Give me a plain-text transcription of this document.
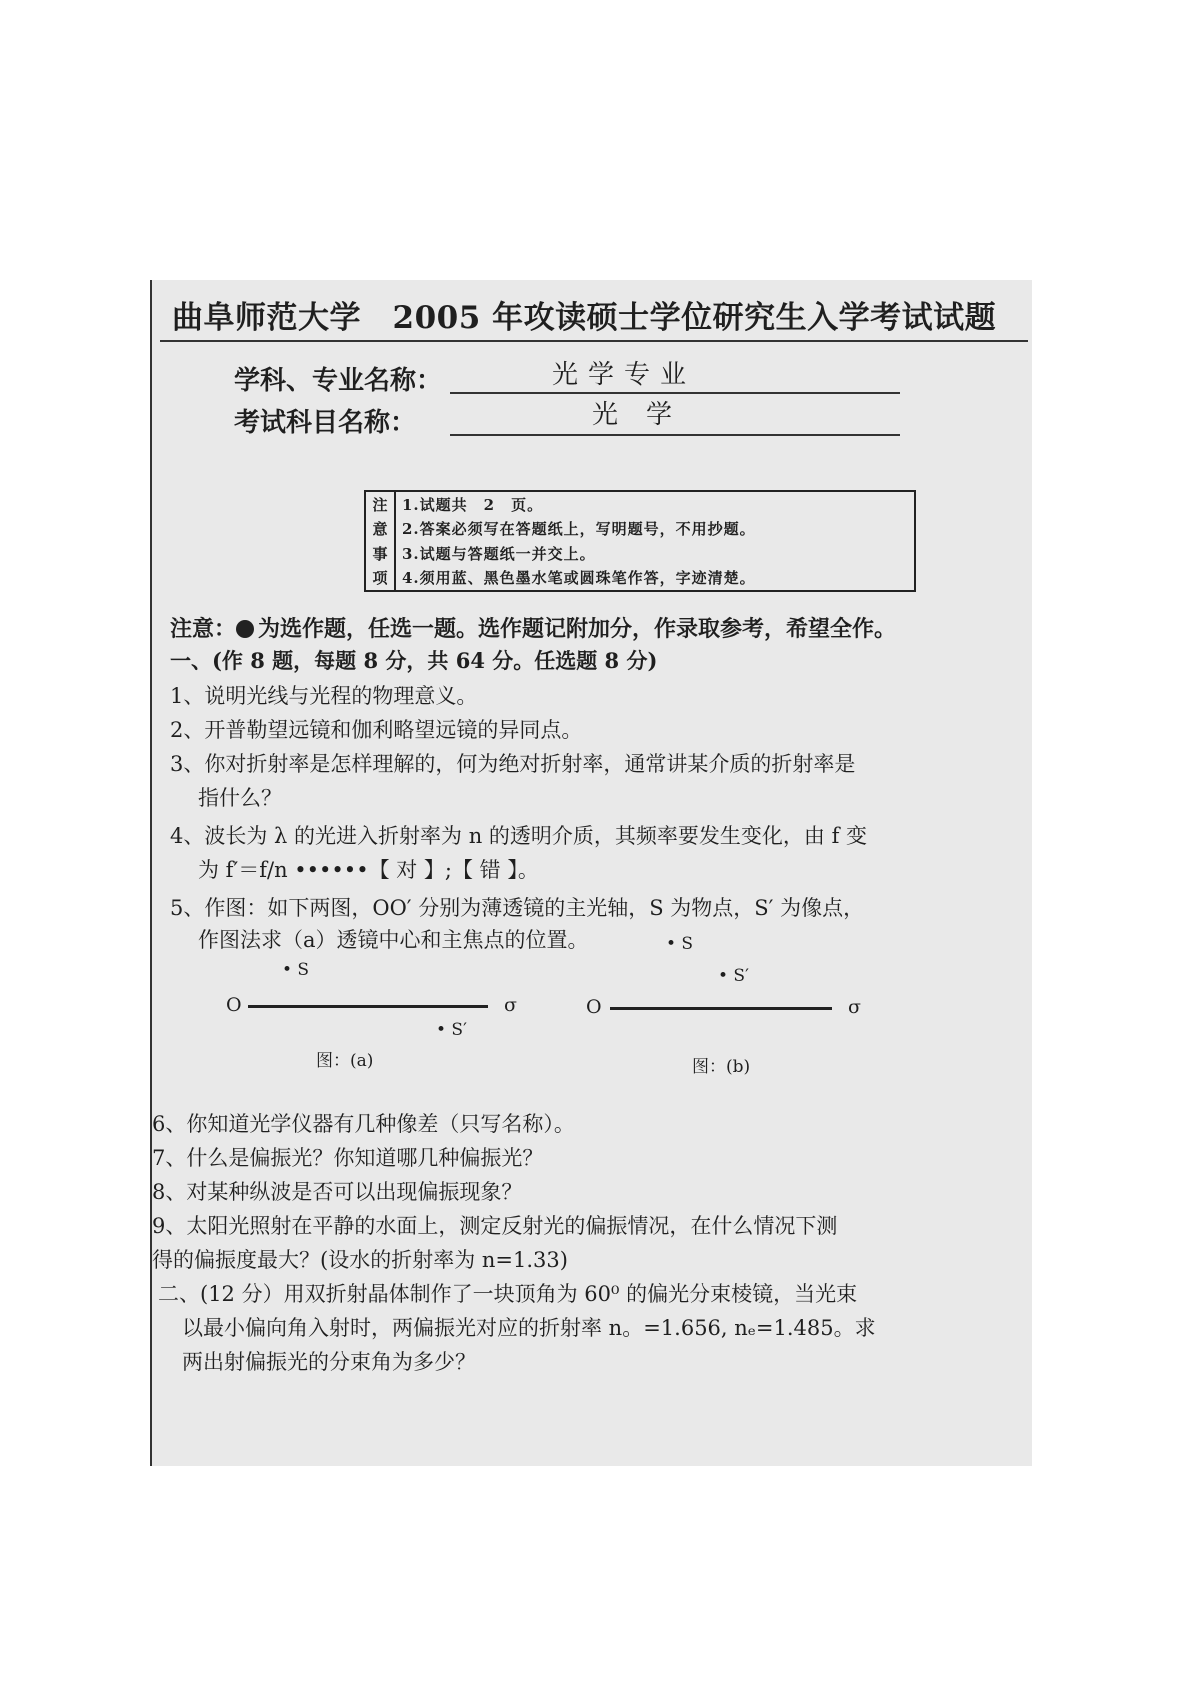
曲阜师范大学　2005 年攻读硕士学位研究生入学考试试题
学科、专业名称：	光学专业
考试科目名称：	光学
注
意
事
项
1.试题共　2　页。
2.答案必须写在答题纸上，写明题号，不用抄题。
3.试题与答题纸一并交上。
4.须用蓝、黑色墨水笔或圆珠笔作答，字迹清楚。
注意： 为选作题，任选一题。选作题记附加分，作录取参考，希望全作。
一、(作 8 题，每题 8 分，共 64 分。任选题 8 分)
1、说明光线与光程的物理意义。
2、开普勒望远镜和伽利略望远镜的异同点。
3、你对折射率是怎样理解的，何为绝对折射率，通常讲某介质的折射率是
指什么？
4、波长为 λ 的光进入折射率为 n 的透明介质，其频率要发生变化，由 f 变
为 f′＝f/n ••••••【 对 】;【 错 】。
5、作图：如下两图，OO′ 分别为薄透镜的主光轴，S 为物点，S′ 为像点，
作图法求（a）透镜中心和主焦点的位置。
• S
O	σ
• S′
图：(a)
• S
• S′
O	σ
图：(b)
6、你知道光学仪器有几种像差（只写名称）。
7、什么是偏振光？你知道哪几种偏振光？
8、对某种纵波是否可以出现偏振现象？
9、太阳光照射在平静的水面上，测定反射光的偏振情况，在什么情况下测
得的偏振度最大？(设水的折射率为 n=1.33)
二、(12 分）用双折射晶体制作了一块顶角为 60⁰ 的偏光分束棱镜，当光束
以最小偏向角入射时，两偏振光对应的折射率 n。=1.656, nₑ=1.485。求
两出射偏振光的分束角为多少？
